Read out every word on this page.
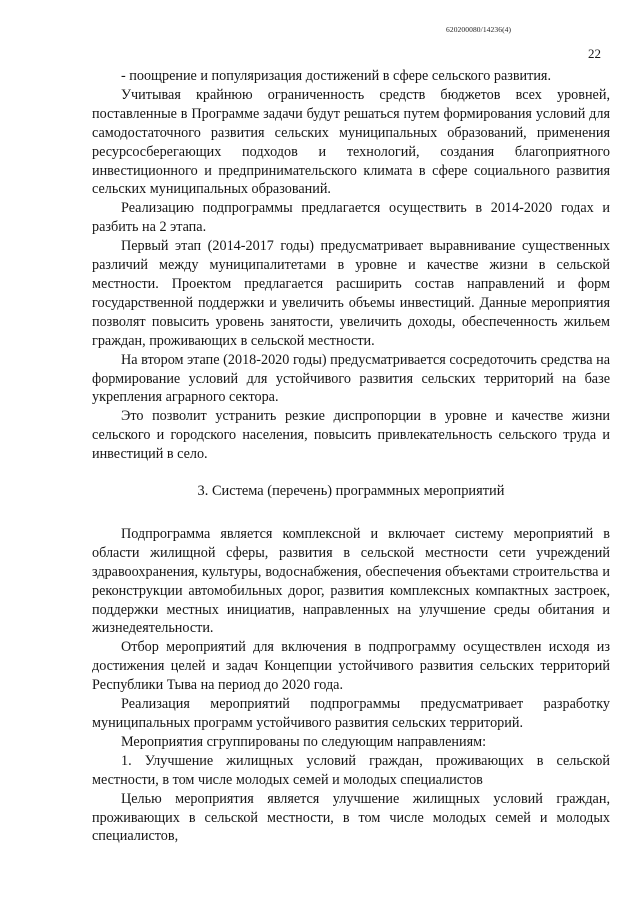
620200080/14236(4)
22

- поощрение и популяризация достижений в сфере сельского развития.

Учитывая крайнюю ограниченность средств бюджетов всех уровней, поставленные в Программе задачи будут решаться путем формирования условий для самодостаточного развития сельских муниципальных образований, применения ресурсосберегающих подходов и технологий, создания благоприятного инвестиционного и предпринимательского климата в сфере социального развития сельских муниципальных образований.

Реализацию подпрограммы предлагается осуществить в 2014-2020 годах и разбить на 2 этапа.

Первый этап (2014-2017 годы) предусматривает выравнивание существенных различий между муниципалитетами в уровне и качестве жизни в сельской местности. Проектом предлагается расширить состав направлений и форм государственной поддержки и увеличить объемы инвестиций. Данные мероприятия позволят повысить уровень занятости, увеличить доходы, обеспеченность жильем граждан, проживающих в сельской местности.

На втором этапе (2018-2020 годы) предусматривается сосредоточить средства на формирование условий для устойчивого развития сельских территорий на базе укрепления аграрного сектора.

Это позволит устранить резкие диспропорции в уровне и качестве жизни сельского и городского населения, повысить привлекательность сельского труда и инвестиций в село.

3. Система (перечень) программных мероприятий

Подпрограмма является комплексной и включает систему мероприятий в области жилищной сферы, развития в сельской местности сети учреждений здравоохранения, культуры, водоснабжения, обеспечения объектами строительства и реконструкции автомобильных дорог, развития комплексных компактных застроек, поддержки местных инициатив, направленных на улучшение среды обитания и жизнедеятельности.

Отбор мероприятий для включения в подпрограмму осуществлен исходя из достижения целей и задач Концепции устойчивого развития сельских территорий Республики Тыва на период до 2020 года.

Реализация мероприятий подпрограммы предусматривает разработку муниципальных программ устойчивого развития сельских территорий.

Мероприятия сгруппированы по следующим направлениям:

1. Улучшение жилищных условий граждан, проживающих в сельской местности, в том числе молодых семей и молодых специалистов

Целью мероприятия является улучшение жилищных условий граждан, проживающих в сельской местности, в том числе молодых семей и молодых специалистов,
